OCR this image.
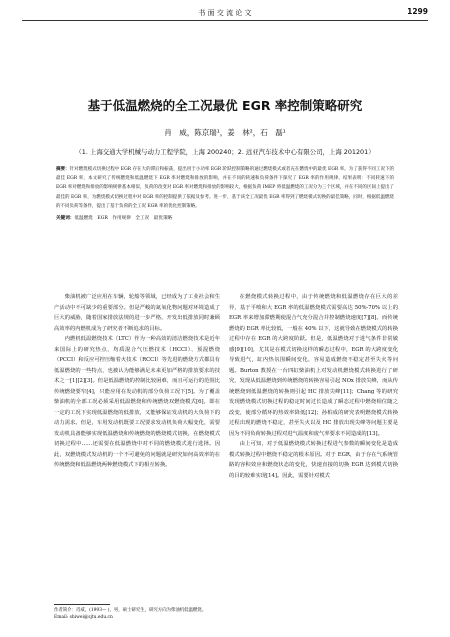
书 面 交 流 论 文	1299
基于低温燃烧的全工况最优 EGR 率控制策略研究
肖　威，陈京瑞¹，姜　林²，石　磊¹
（1. 上海交通大学机械与动力工程学院，上海 200240；2. 远亚汽车技术中心有限公司，上海 201201）
摘要：针对燃烧模式切换过程中 EGR 存在大的滞后和振荡，提出用于小功率 EGR 阶跃控制策略的通过燃烧模式或者充在燃烧中的最优 EGR 率。为了获得不同工况下的最佳 EGR 率，本文研究了传统燃烧和低温燃烧下 EGR 率对燃烧和排放的影响，并在不同的转速和负荷条件下探究了 EGR 率的作用规律、结果表明：不同转速下的 EGR 率对燃烧和排放的影响规律基本相似，负荷的改变对 EGR 率对燃烧和排放的影响较大，根据负荷 IMEP 将低温燃烧的工况分为三个区域，并在不同的区间上提出了最佳的 EGR 率，为燃烧模式切换过程中对 EGR 率的控制提供了依据及参考。进一步，基于该全工况最优 EGR 率得到了燃烧模式切换的最佳策略，同时，根据低温燃烧的不同负荷等条件，提出了基于负荷的全工况 EGR 率的优化控制策略。
关键词：低温燃烧　EGR　作用规律　全工况　最优策略

柴油机被广泛应用在车辆，轮船等领域，已经成为了工业社会和生产活动中不可缺少的重要部分。但是严峻的氮氧化物问题对环境造成了巨大的威胁，随着国家排放法规的进一步严格，开发出低排放同时兼顾高效率的内燃机成为了研究者不断追求的目标。

内燃机低温燃烧技术（LTC）作为一种高效的清洁燃烧技术是近年来国际上的研究热点，均质混合气压燃技术（HCCI）、预混燃烧（PCCI）和反应可控压缩着火技术（RCCI）等先进的燃烧方式都具有低温燃烧的一些特点，也被认为能够满足未来更加严格的排放要求的技术之一[1][2][3]。但是低温燃烧的控制比较困难，而且可运行的范围比传统燃烧要窄[4]，只能应用在发动机的部分负荷工况下[5]。为了覆盖柴油机的全部工况必须采用低温燃烧和传统燃烧双燃烧模式[6]，即在一定的工况下实现低温燃烧的低排放，又能够保证发动机的大负荷下的动力需求。但是，车用发动机既要工况要求发动机负荷大幅变化，需要发动机具备能够实现低温燃烧和传统燃烧的燃烧模式切换，在燃烧模式切换过程中……还需要在低温燃烧中对不同的燃烧模式进行选择。因此，双燃烧模式发动机的一个不可避免的问题就是研究如何高效率的在传统燃烧和低温燃烧两种燃烧模式下的相互转换。

在燃烧模式转换过程中，由于传统燃烧和低温燃烧存在巨大的差异，基于平喷和大 EGR 率的低温燃烧模式需要高达 50%-70% 以上的 EGR 率来增加滞燃期使混合气充分混合并控制燃烧速度[7][8]。而传统燃烧的 EGR 率比较低，一般在 40% 以下，这就导致在燃烧模式的转换过程中存在 EGR 的大跨度阶跃。但是，低温燃烧对于进气条件非常敏感[9][10]，尤其是在模式切换这样的瞬态过程中，EGR 的大跨度变化导致进气，缸内热氛围瞬间变化，容易造成燃烧不稳定甚至失火等问题。Burton 教授在一台四缸柴油机上对发动机燃烧模式转换进行了研究，发现从低温燃烧到传统燃烧的转换容易引起 NOx 排放尖峰，而从传统燃烧到低温燃烧的转换则引起 HC 排放尖峰[11]；Chang 等的研究发现燃烧模式切换过程的稳定时间过长造成了瞬态过程中燃烧相位随之改变，使部分循环的热效率降低[12]；孙柏成的研究表明燃烧模式转换过程出现的燃烧不稳定，甚至失火以及 HC 排放出现尖峰等问题主要是因为不同负荷转换过程对进气温度和废气率要求不同造成的[13]。

由上可知，对于低温燃烧模式转换过程进气参数的瞬间变化是造成模式转换过程中燃烧不稳定的根本原因。对于 EGR，由于存在气系统管路的容积效应和燃烧状态的变化，快速直接的切换 EGR 达到模式切换的目的较难实现[14]。因此，需要针对模式

作者简介：肖威，(1993— )，男，硕士研究生，研究方向为柴油机低温燃烧。
Email: shiwei@sjtu.edu.cn
